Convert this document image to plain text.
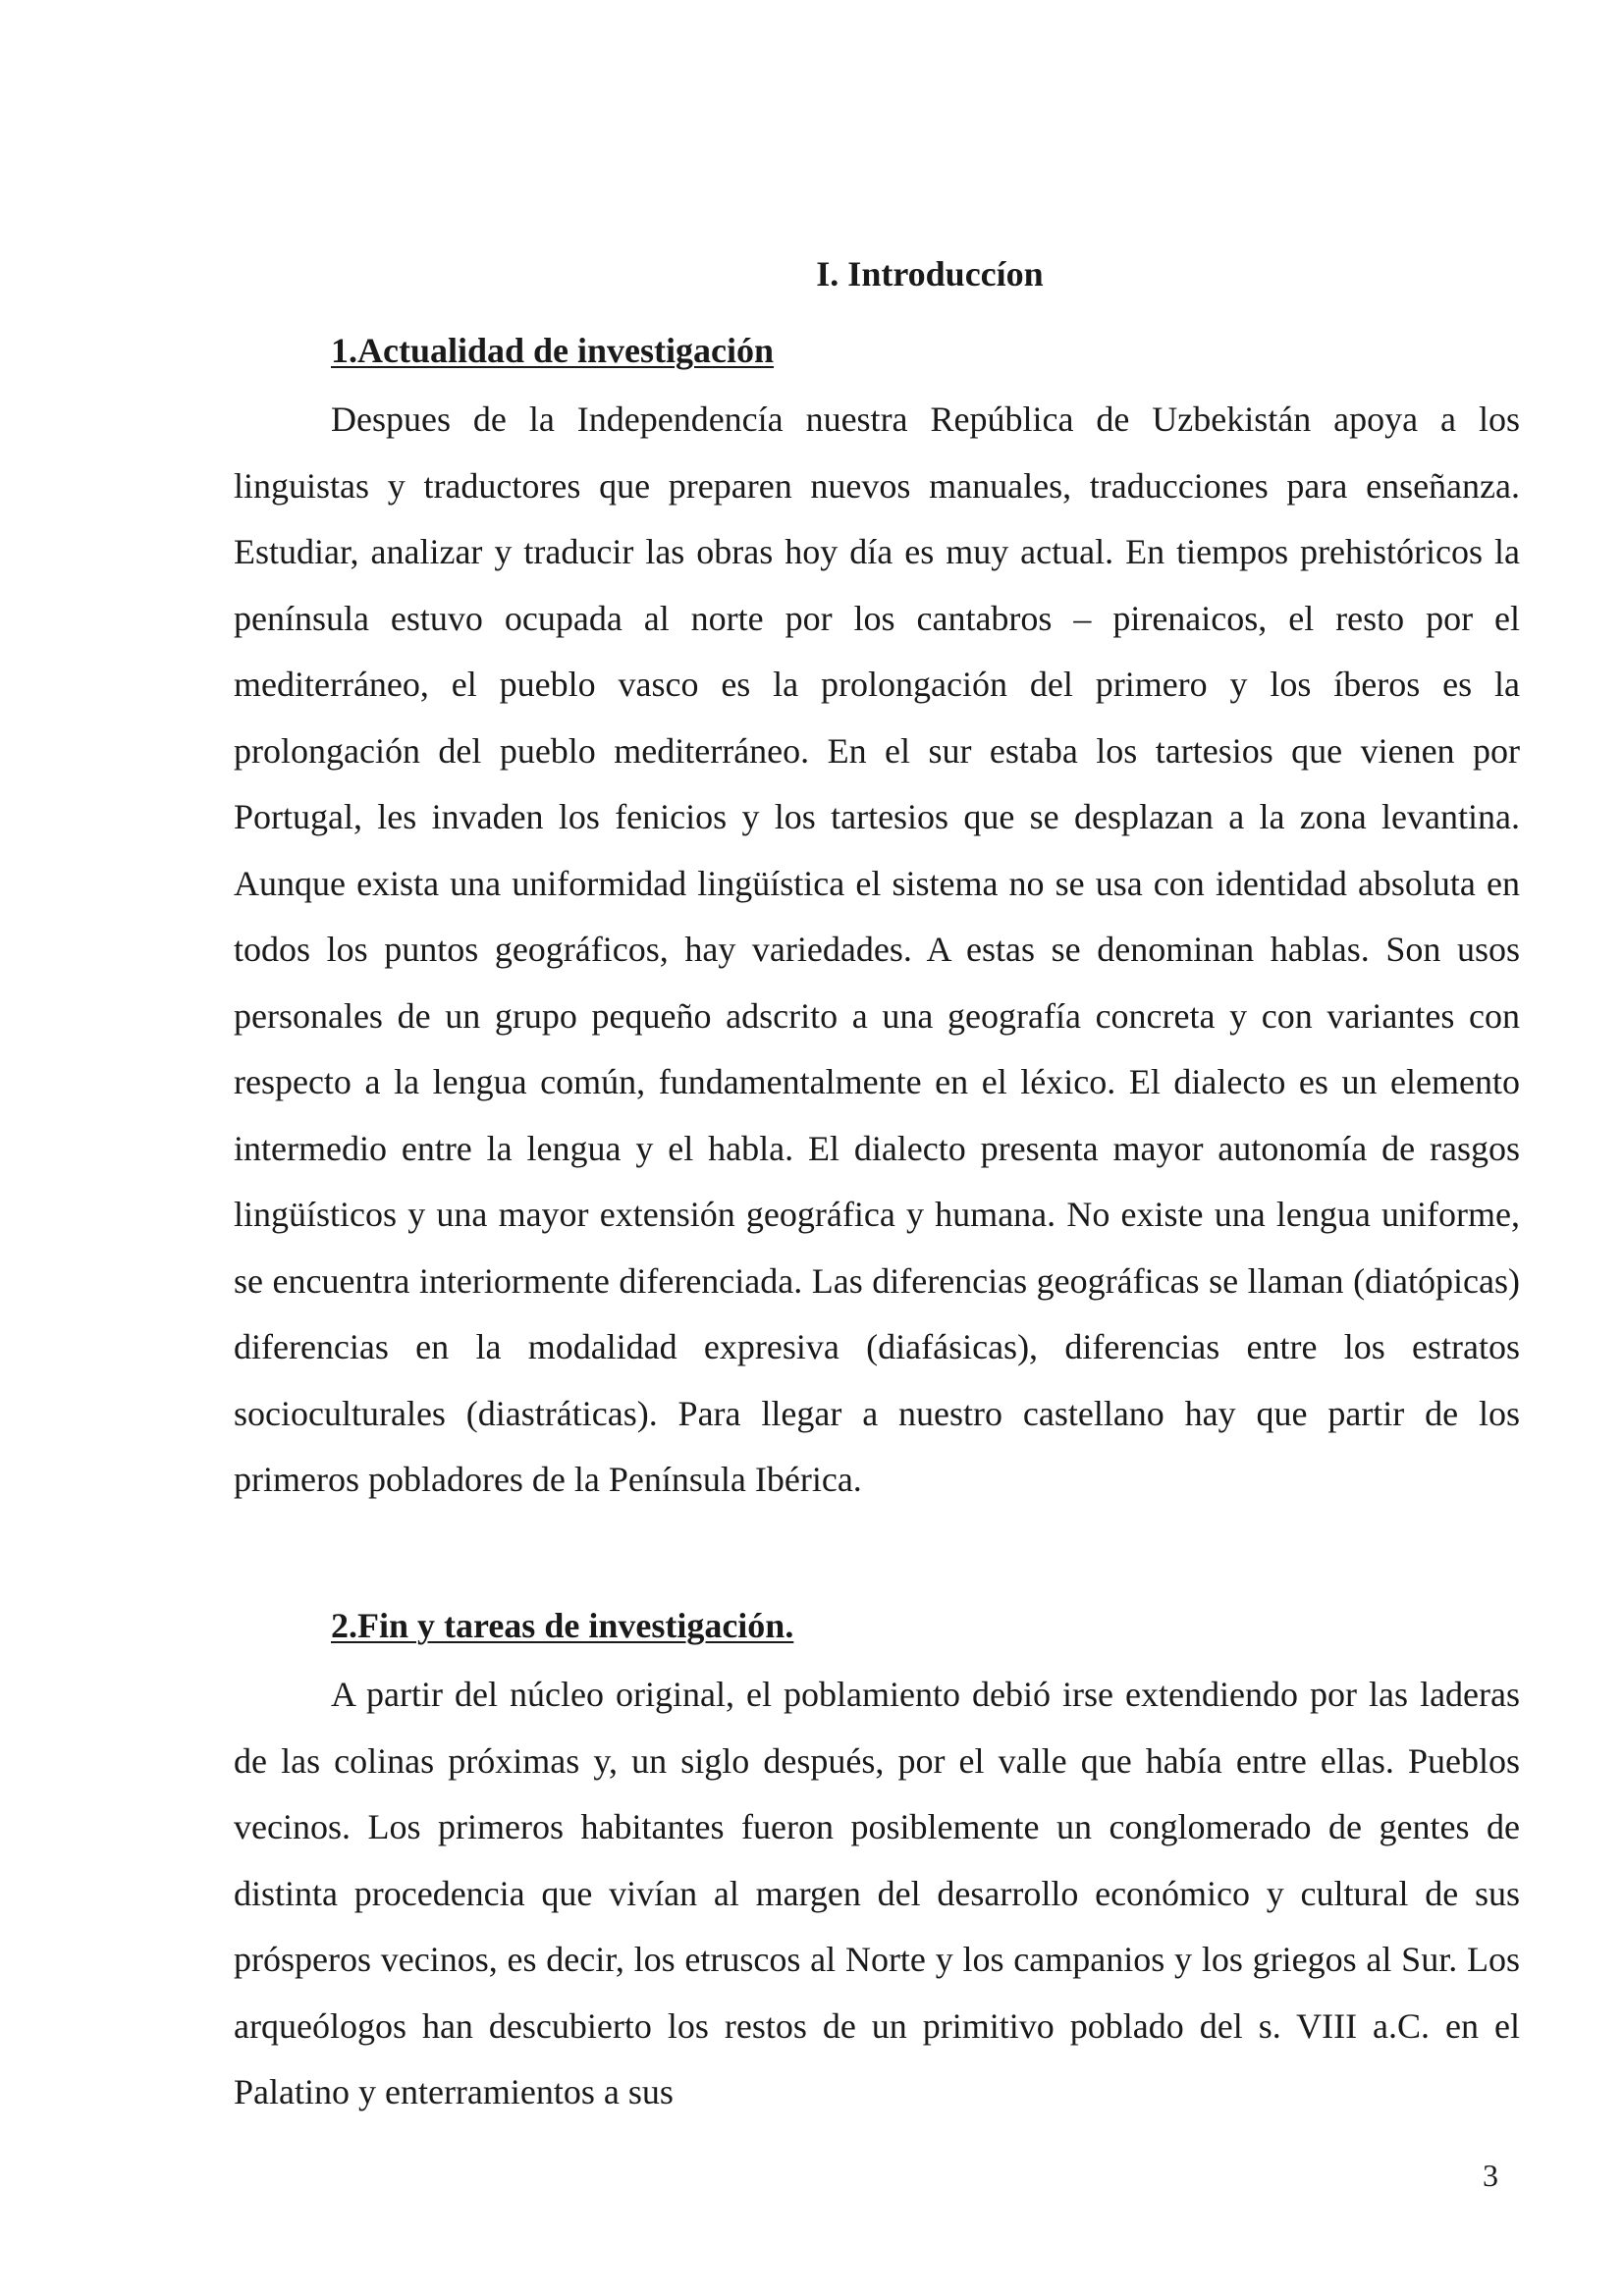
I. Introduccíon
1.Actualidad de investigación

Despues de la Independencía nuestra República de Uzbekistán apoya a los linguistas y traductores que preparen nuevos manuales, traducciones para enseñanza. Estudiar, analizar y traducir las obras hoy día es muy actual. En tiempos prehistóricos la península estuvo ocupada al norte por los cantabros – pirenaicos, el resto por el mediterráneo, el pueblo vasco es la prolongación del primero y los íberos es la prolongación del pueblo mediterráneo. En el sur estaba los tartesios que vienen por Portugal, les invaden los fenicios y los tartesios que se desplazan a la zona levantina. Aunque exista una uniformidad lingüística el sistema no se usa con identidad absoluta en todos los puntos geográficos, hay variedades. A estas se denominan hablas. Son usos personales de un grupo pequeño adscrito a una geografía concreta y con variantes con respecto a la lengua común, fundamentalmente en el léxico. El dialecto es un elemento intermedio entre la lengua y el habla. El dialecto presenta mayor autonomía de rasgos lingüísticos y una mayor extensión geográfica y humana. No existe una lengua uniforme, se encuentra interiormente diferenciada. Las diferencias geográficas se llaman (diatópicas) diferencias en la modalidad expresiva (diafásicas), diferencias entre los estratos socioculturales (diastráticas). Para llegar a nuestro castellano hay que partir de los primeros pobladores de la Península Ibérica.

2.Fin y tareas de investigación.

A partir del núcleo original, el poblamiento debió irse extendiendo por las laderas de las colinas próximas y, un siglo después, por el valle que había entre ellas. Pueblos vecinos. Los primeros habitantes fueron posiblemente un conglomerado de gentes de distinta procedencia que vivían al margen del desarrollo económico y cultural de sus prósperos vecinos, es decir, los etruscos al Norte y los campanios y los griegos al Sur. Los arqueólogos han descubierto los restos de un primitivo poblado del s. VIII a.C. en el Palatino y enterramientos a sus

3
